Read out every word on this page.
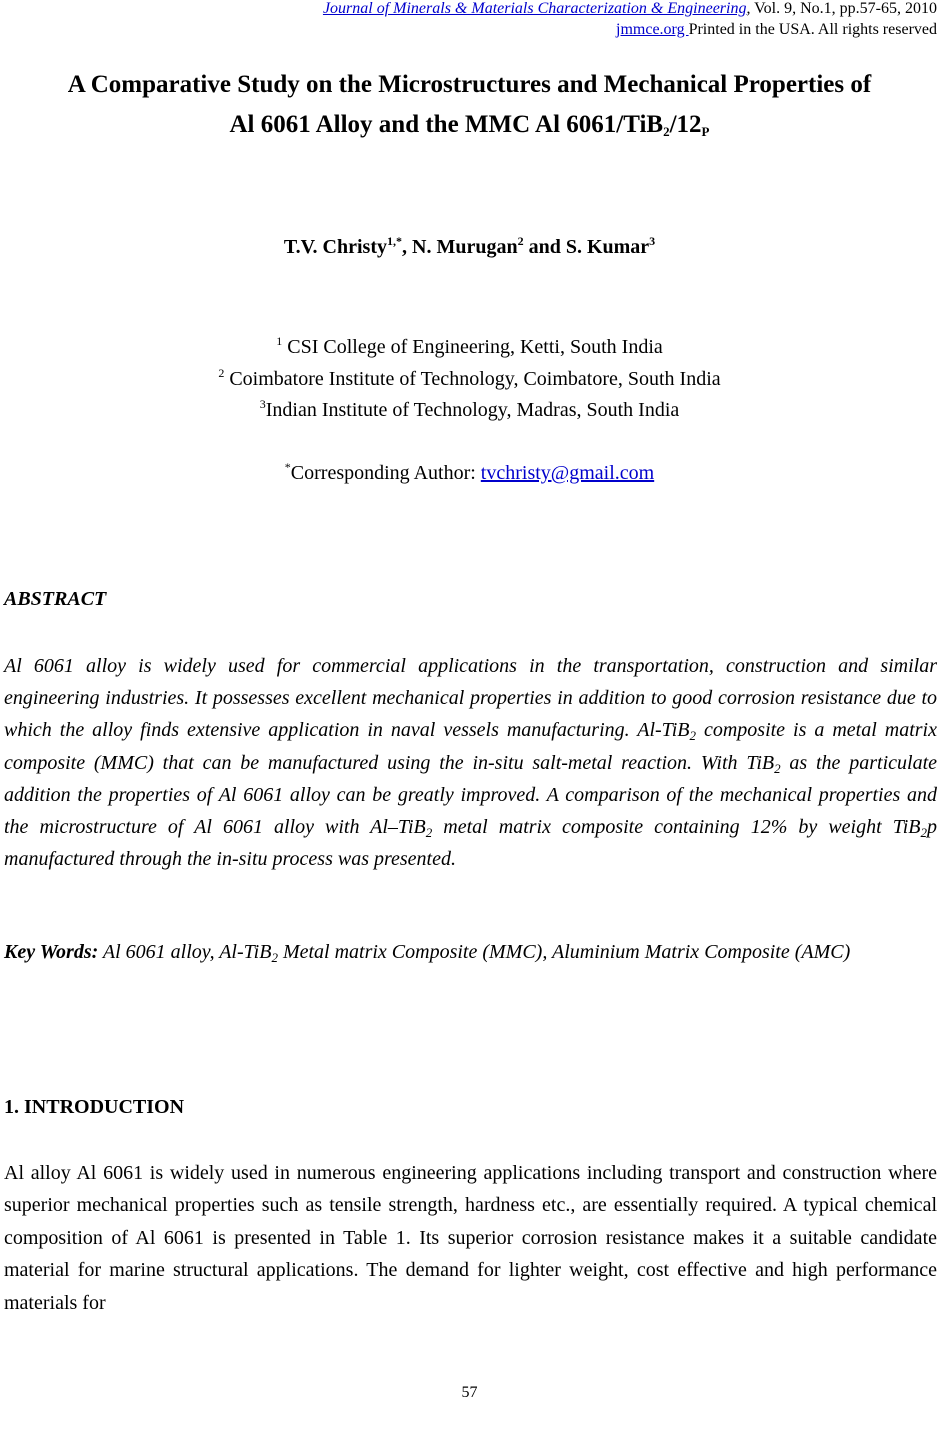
Journal of Minerals & Materials Characterization & Engineering, Vol. 9, No.1, pp.57-65, 2010
jmmce.org Printed in the USA. All rights reserved
A Comparative Study on the Microstructures and Mechanical Properties of
Al 6061 Alloy and the MMC Al $6061/TiB_2/12_P$
T.V. Christy$^{1,*}$, N. Murugan$^2$ and S. Kumar$^3$
$^1$ CSI College of Engineering, Ketti, South India
$^2$ Coimbatore Institute of Technology, Coimbatore, South India
$^3$Indian Institute of Technology, Madras, South India
*Corresponding Author: tvchristy@gmail.com
ABSTRACT
Al 6061 alloy is widely used for commercial applications in the transportation, construction and similar engineering industries. It possesses excellent mechanical properties in addition to good corrosion resistance due to which the alloy finds extensive application in naval vessels manufacturing. Al-TiB$_2$ composite is a metal matrix composite (MMC) that can be manufactured using the in-situ salt-metal reaction. With TiB$_2$ as the particulate addition the properties of Al 6061 alloy can be greatly improved. A comparison of the mechanical properties and the microstructure of Al 6061 alloy with Al–TiB$_2$ metal matrix composite containing 12% by weight TiB$_2$p manufactured through the in-situ process was presented.
Key Words: Al 6061 alloy, Al-TiB$_2$ Metal matrix Composite (MMC), Aluminium Matrix Composite (AMC)
1. INTRODUCTION
Al alloy Al 6061 is widely used in numerous engineering applications including transport and construction where superior mechanical properties such as tensile strength, hardness etc., are essentially required. A typical chemical composition of Al 6061 is presented in Table 1. Its superior corrosion resistance makes it a suitable candidate material for marine structural applications. The demand for lighter weight, cost effective and high performance materials for
57
